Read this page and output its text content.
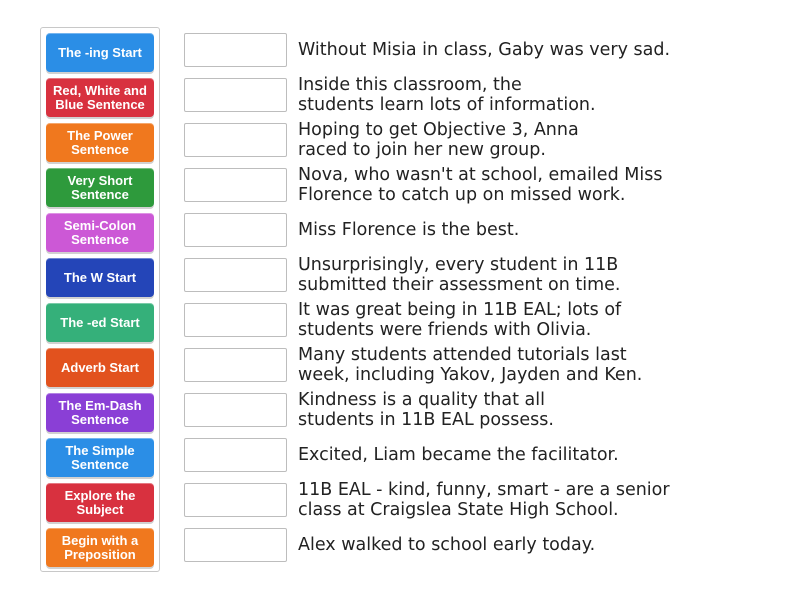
The -ing Start
Red, White and Blue Sentence
The Power Sentence
Very Short Sentence
Semi-Colon Sentence
The W Start
The -ed Start
Adverb Start
The Em-Dash Sentence
The Simple Sentence
Explore the Subject
Begin with a Preposition
Without Misia in class, Gaby was very sad.
Inside this classroom, the
students learn lots of information.
Hoping to get Objective 3, Anna
raced to join her new group.
Nova, who wasn't at school, emailed Miss
Florence to catch up on missed work.
Miss Florence is the best.
Unsurprisingly, every student in 11B
submitted their assessment on time.
It was great being in 11B EAL; lots of
students were friends with Olivia.
Many students attended tutorials last
week, including Yakov, Jayden and Ken.
Kindness is a quality that all
students in 11B EAL possess.
Excited, Liam became the facilitator.
11B EAL - kind, funny, smart - are a senior
class at Craigslea State High School.
Alex walked to school early today.
